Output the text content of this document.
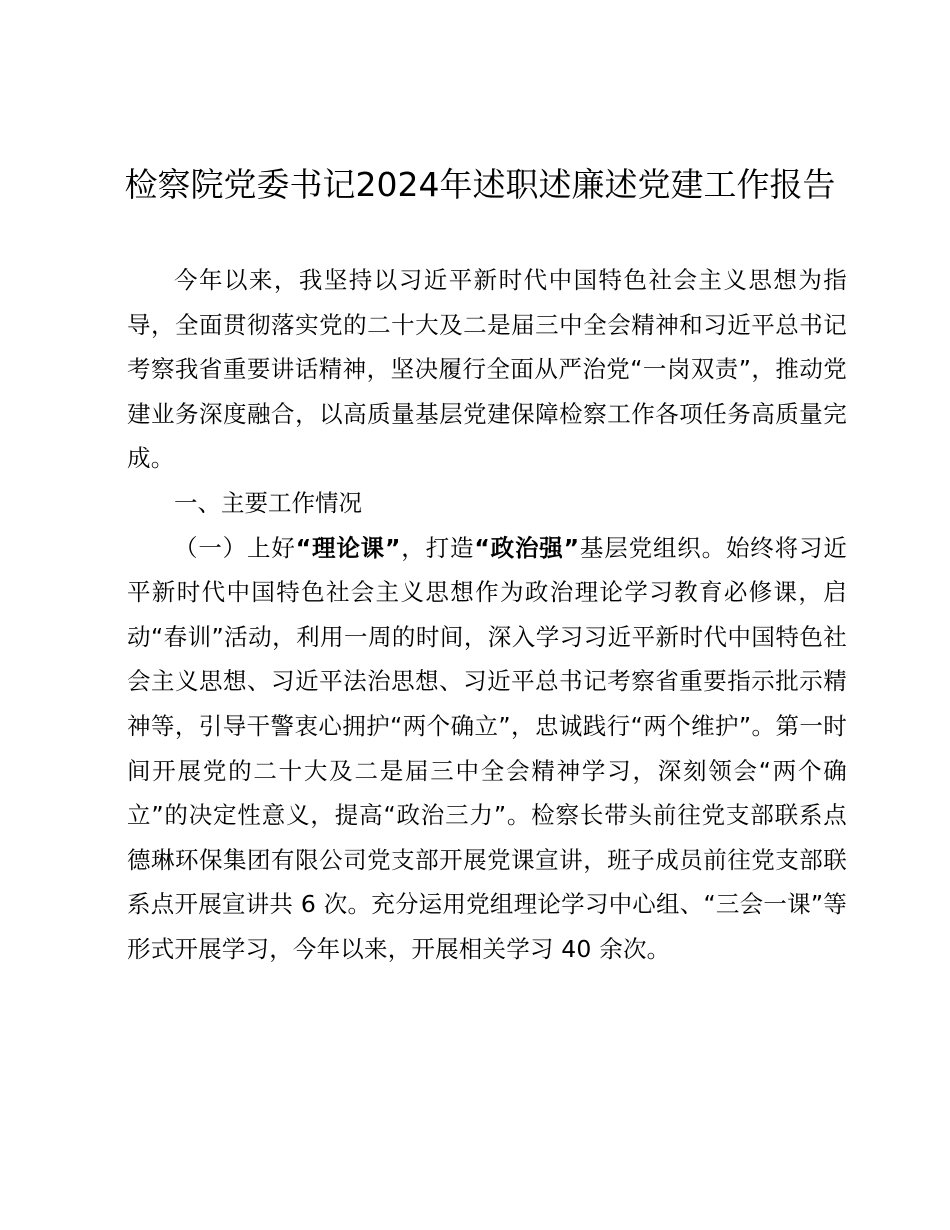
检察院党委书记2024年述职述廉述党建工作报告

今年以来，我坚持以习近平新时代中国特色社会主义思想为指导，全面贯彻落实党的二十大及二是届三中全会精神和习近平总书记考察我省重要讲话精神，坚决履行全面从严治党“一岗双责”，推动党建业务深度融合，以高质量基层党建保障检察工作各项任务高质量完成。

一、主要工作情况

（一）上好“理论课”，打造“政治强”基层党组织。始终将习近平新时代中国特色社会主义思想作为政治理论学习教育必修课，启动“春训”活动，利用一周的时间，深入学习习近平新时代中国特色社会主义思想、习近平法治思想、习近平总书记考察省重要指示批示精神等，引导干警衷心拥护“两个确立”，忠诚践行“两个维护”。第一时间开展党的二十大及二是届三中全会精神学习，深刻领会“两个确立”的决定性意义，提高“政治三力”。检察长带头前往党支部联系点德琳环保集团有限公司党支部开展党课宣讲，班子成员前往党支部联系点开展宣讲共 6 次。充分运用党组理论学习中心组、“三会一课”等形式开展学习，今年以来，开展相关学习 40 余次。
